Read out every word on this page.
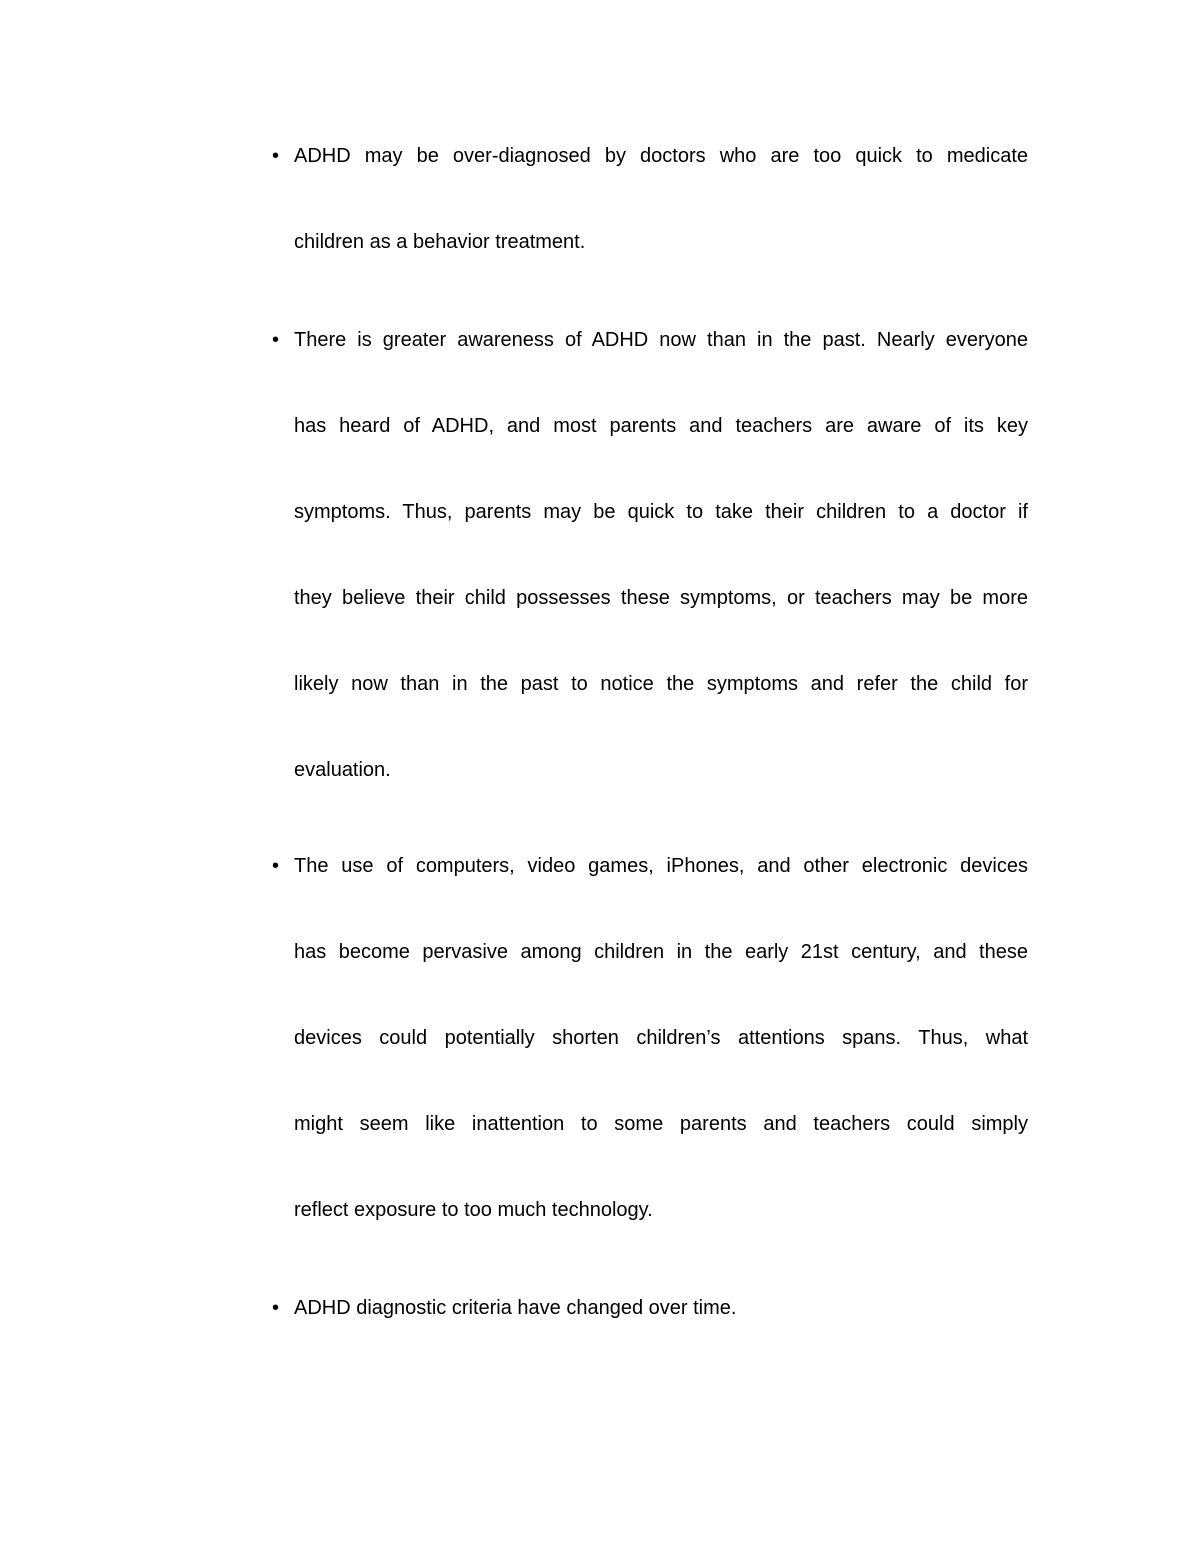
• ADHD may be over-diagnosed by doctors who are too quick to medicate
children as a behavior treatment.
• There is greater awareness of ADHD now than in the past. Nearly everyone
has heard of ADHD, and most parents and teachers are aware of its key
symptoms. Thus, parents may be quick to take their children to a doctor if
they believe their child possesses these symptoms, or teachers may be more
likely now than in the past to notice the symptoms and refer the child for
evaluation.
• The use of computers, video games, iPhones, and other electronic devices
has become pervasive among children in the early 21st century, and these
devices could potentially shorten children’s attentions spans. Thus, what
might seem like inattention to some parents and teachers could simply
reflect exposure to too much technology.
• ADHD diagnostic criteria have changed over time.
